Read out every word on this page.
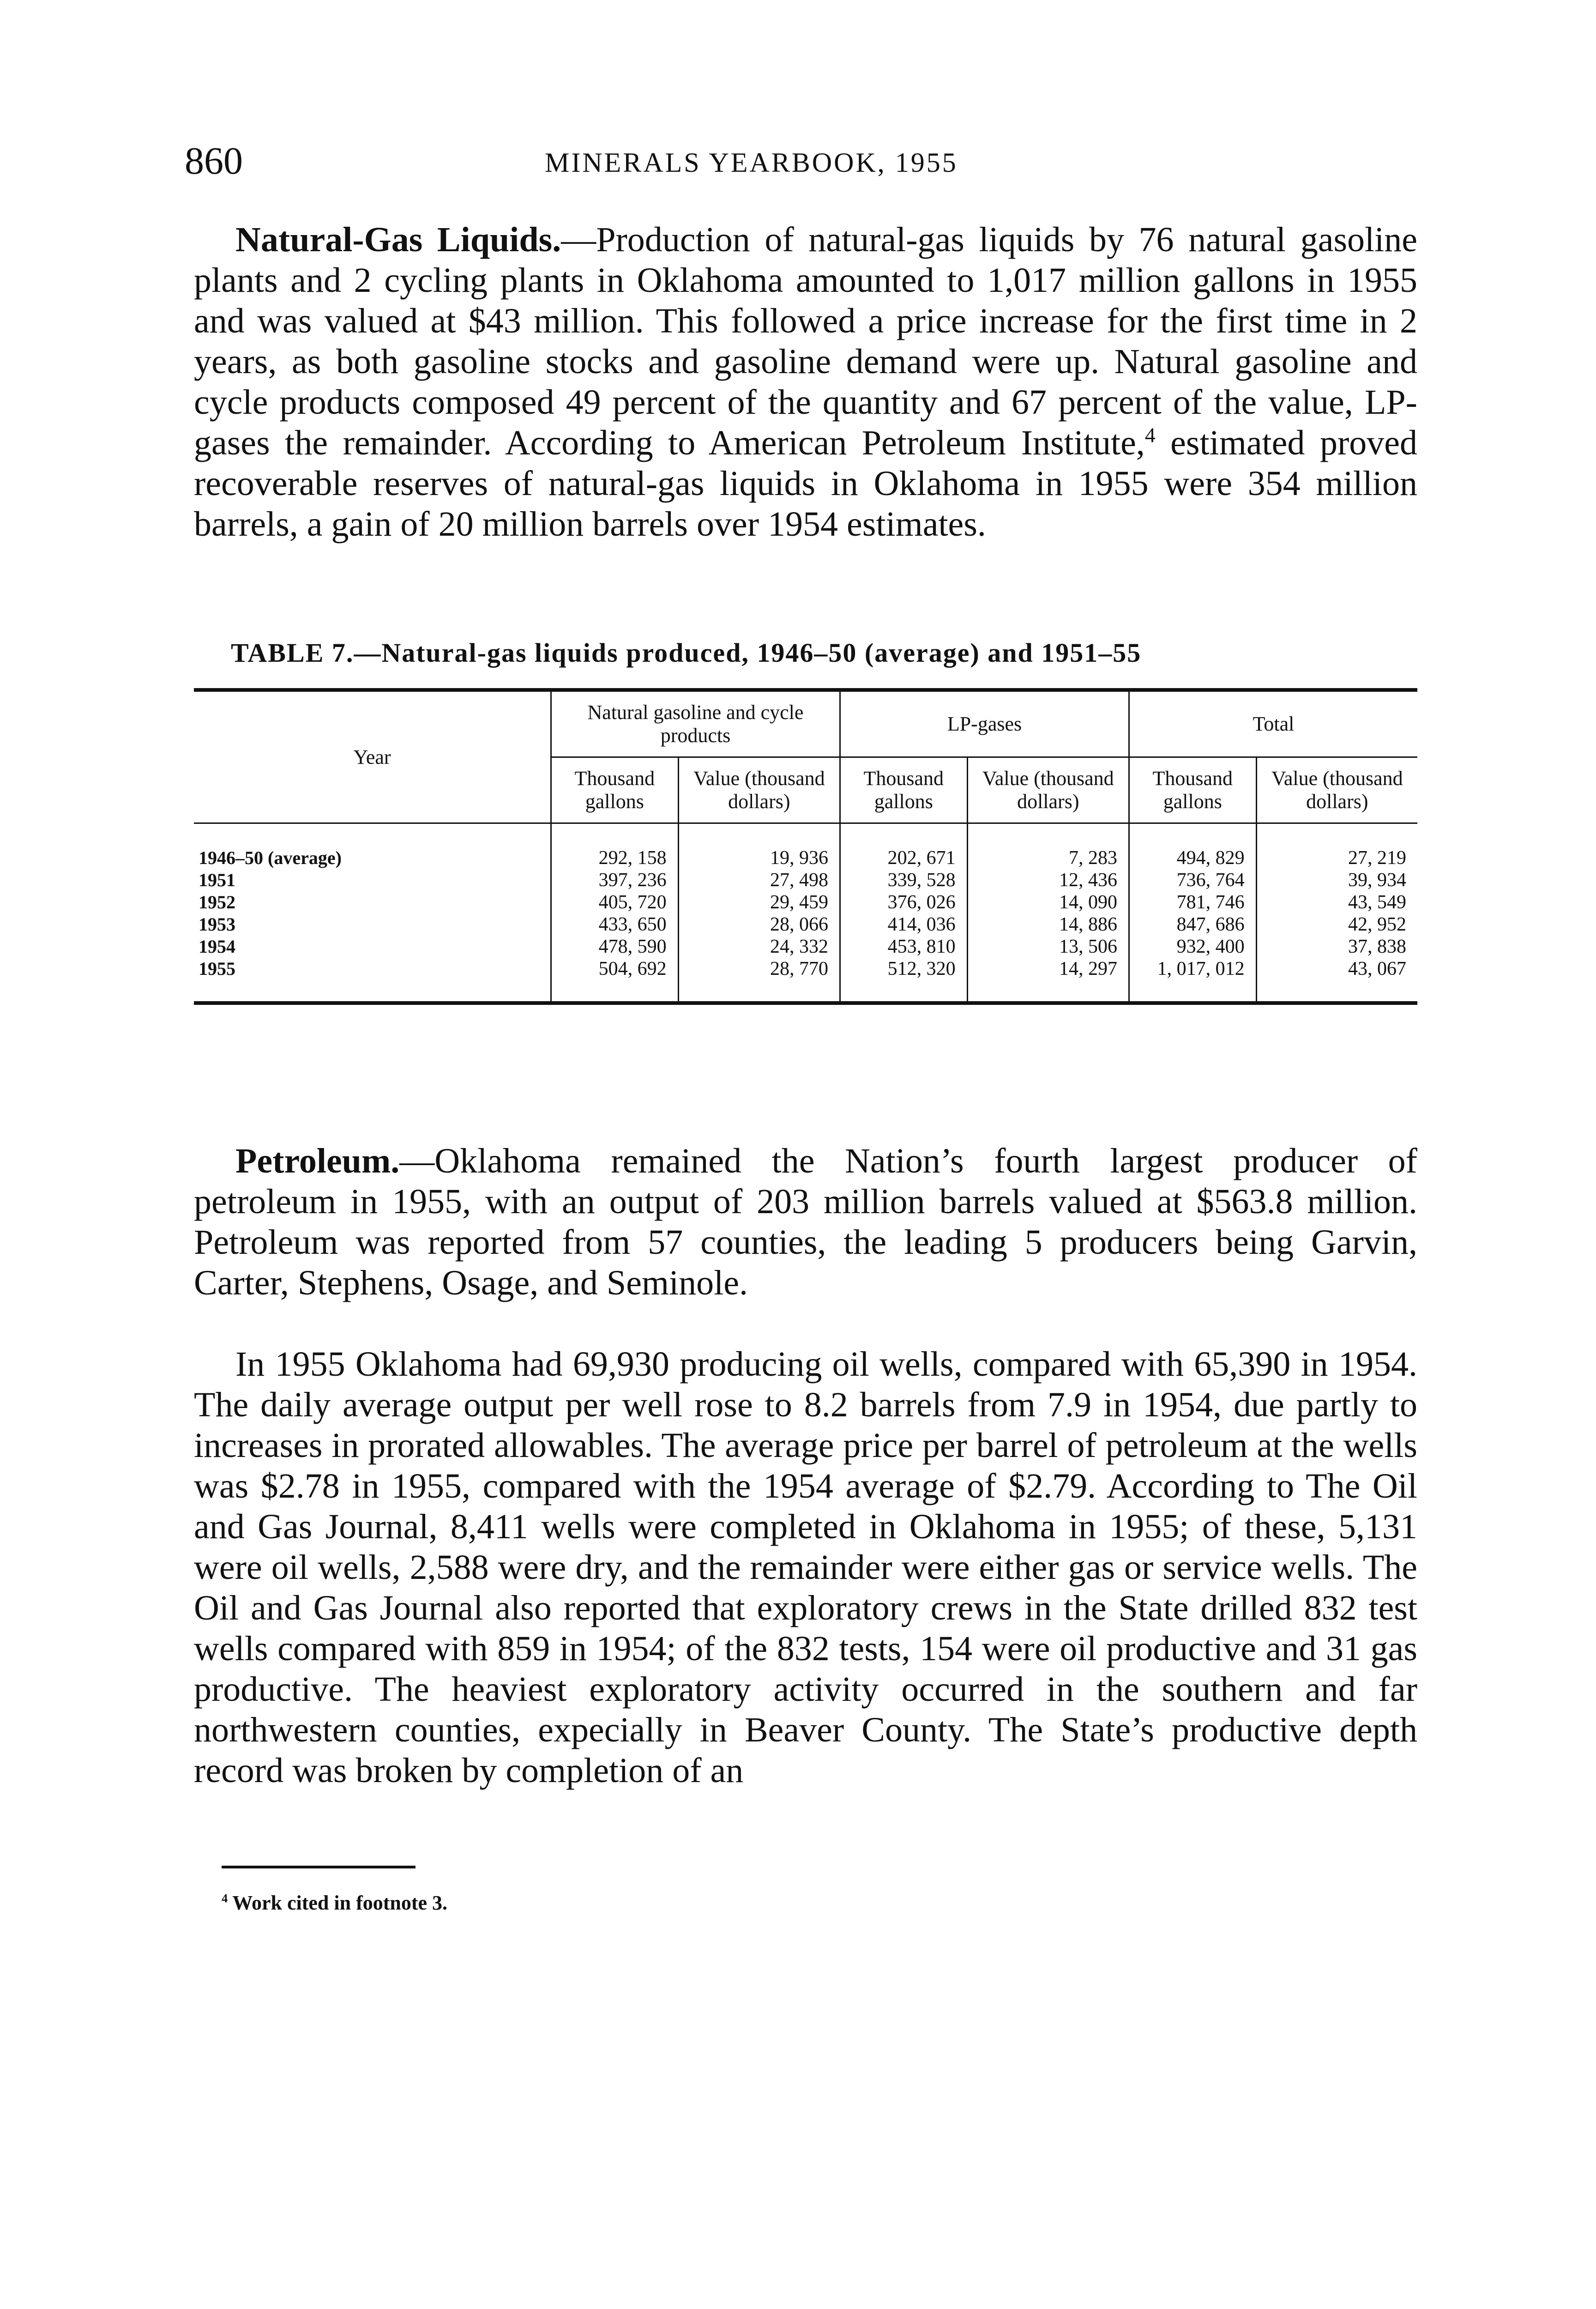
860	MINERALS YEARBOOK, 1955

Natural-Gas Liquids.—Production of natural-gas liquids by 76 natural gasoline plants and 2 cycling plants in Oklahoma amounted to 1,017 million gallons in 1955 and was valued at $43 million. This followed a price increase for the first time in 2 years, as both gasoline stocks and gasoline demand were up. Natural gasoline and cycle products composed 49 percent of the quantity and 67 percent of the value, LP-gases the remainder. According to American Petroleum Institute,$^4$ estimated proved recoverable reserves of natural-gas liquids in Oklahoma in 1955 were 354 million barrels, a gain of 20 million barrels over 1954 estimates.

TABLE 7.—Natural-gas liquids produced, 1946–50 (average) and 1951–55
Year	Natural gasoline and cycle products		LP-gases		Total	
	Thousand gallons	Value (thousand dollars)	Thousand gallons	Value (thousand dollars)	Thousand gallons	Value (thousand dollars)
1946–50 (average)	292, 158	19, 936	202, 671	7, 283	494, 829	27, 219
1951	397, 236	27, 498	339, 528	12, 436	736, 764	39, 934
1952	405, 720	29, 459	376, 026	14, 090	781, 746	43, 549
1953	433, 650	28, 066	414, 036	14, 886	847, 686	42, 952
1954	478, 590	24, 332	453, 810	13, 506	932, 400	37, 838
1955	504, 692	28, 770	512, 320	14, 297	1, 017, 012	43, 067

Petroleum.—Oklahoma remained the Nation’s fourth largest producer of petroleum in 1955, with an output of 203 million barrels valued at $563.8 million. Petroleum was reported from 57 counties, the leading 5 producers being Garvin, Carter, Stephens, Osage, and Seminole.

In 1955 Oklahoma had 69,930 producing oil wells, compared with 65,390 in 1954. The daily average output per well rose to 8.2 barrels from 7.9 in 1954, due partly to increases in prorated allowables. The average price per barrel of petroleum at the wells was $2.78 in 1955, compared with the 1954 average of $2.79. According to The Oil and Gas Journal, 8,411 wells were completed in Oklahoma in 1955; of these, 5,131 were oil wells, 2,588 were dry, and the remainder were either gas or service wells. The Oil and Gas Journal also reported that exploratory crews in the State drilled 832 test wells compared with 859 in 1954; of the 832 tests, 154 were oil productive and 31 gas productive. The heaviest exploratory activity occurred in the southern and far northwestern counties, expecially in Beaver County. The State’s productive depth record was broken by completion of an

$^4$ Work cited in footnote 3.
